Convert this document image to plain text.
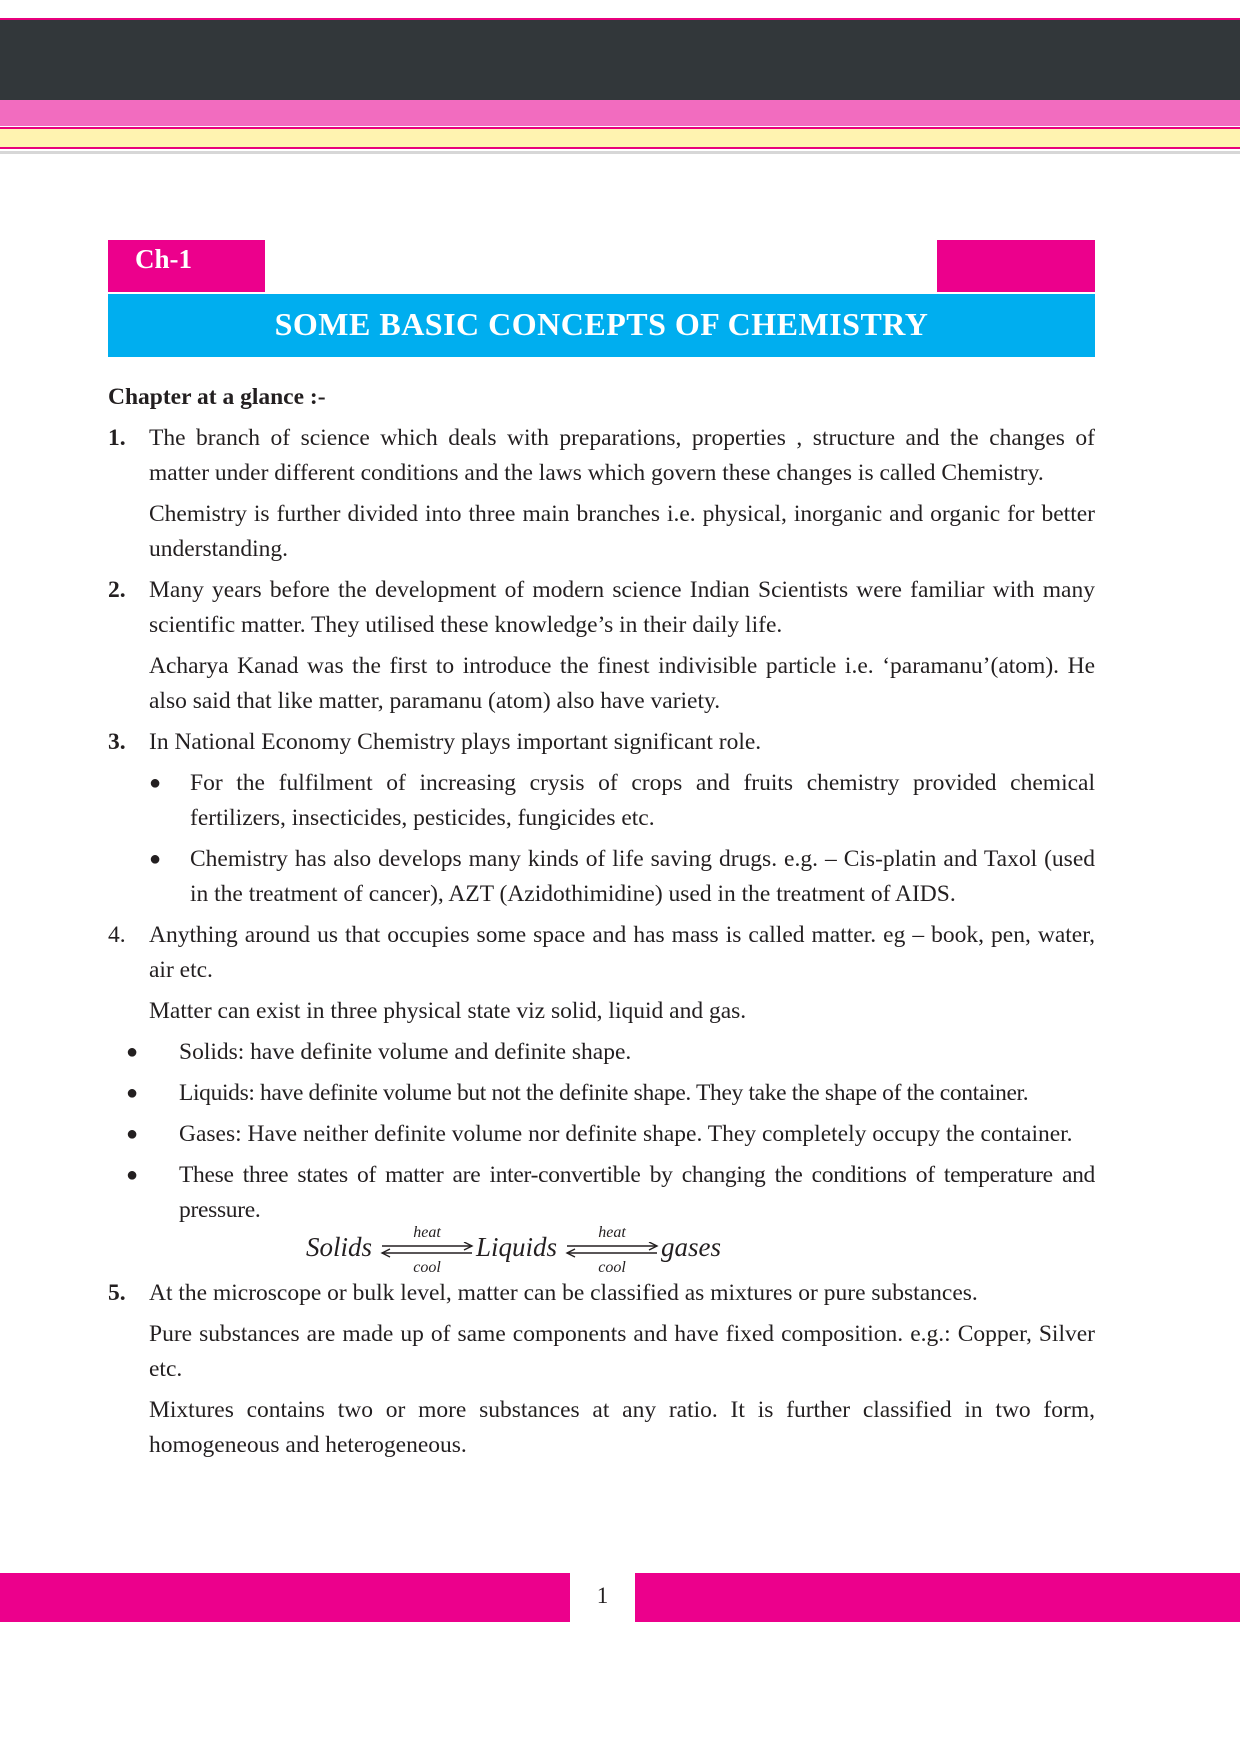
Ch-1
SOME BASIC CONCEPTS OF CHEMISTRY
Chapter at a glance :-
1. The branch of science which deals with preparations, properties , structure and the changes of matter under different conditions and the laws which govern these changes is called Chemistry.
Chemistry is further divided into three main branches i.e. physical, inorganic and organic for better understanding.
2. Many years before the development of modern science Indian Scientists were familiar with many scientific matter. They utilised these knowledge’s in their daily life.
Acharya Kanad was the first to introduce the finest indivisible particle i.e. ‘paramanu’(atom). He also said that like matter, paramanu (atom) also have variety.
3. In National Economy Chemistry plays important significant role.
● For the fulfilment of increasing crysis of crops and fruits chemistry provided chemical fertilizers, insecticides, pesticides, fungicides etc.
● Chemistry has also develops many kinds of life saving drugs. e.g. – Cis-platin and Taxol (used in the treatment of cancer), AZT (Azidothimidine) used in the treatment of AIDS.
4. Anything around us that occupies some space and has mass is called matter. eg – book, pen, water, air etc.
Matter can exist in three physical state viz solid, liquid and gas.
● Solids: have definite volume and definite shape.
● Liquids: have definite volume but not the definite shape. They take the shape of the container.
● Gases: Have neither definite volume nor definite shape. They completely occupy the container.
● These three states of matter are inter-convertible by changing the conditions of temperature and pressure.
Solids	heat
cool
Liquids	heat
cool
gases
5. At the microscope or bulk level, matter can be classified as mixtures or pure substances.
Pure substances are made up of same components and have fixed composition. e.g.: Copper, Silver etc.
Mixtures contains two or more substances at any ratio. It is further classified in two form, homogeneous and heterogeneous.
1
